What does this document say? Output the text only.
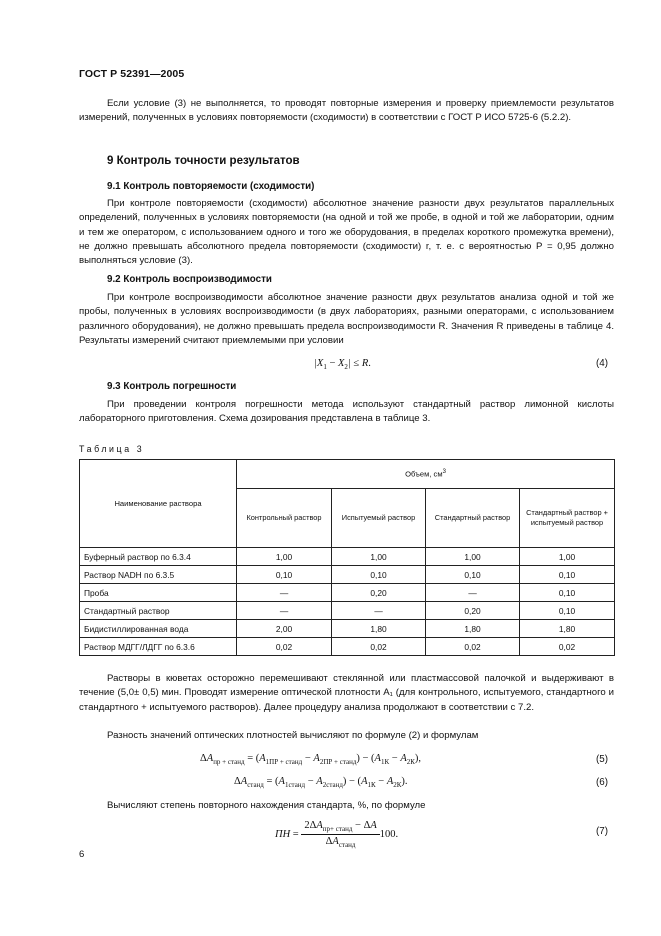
ГОСТ Р 52391—2005

Если условие (3) не выполняется, то проводят повторные измерения и проверку приемлемости результатов измерений, полученных в условиях повторяемости (сходимости) в соответствии с ГОСТ Р ИСО 5725-6 (5.2.2).

9 Контроль точности результатов
9.1 Контроль повторяемости (сходимости)

При контроле повторяемости (сходимости) абсолютное значение разности двух результатов параллельных определений, полученных в условиях повторяемости (на одной и той же пробе, в одной и той же лаборатории, одним и тем же оператором, с использованием одного и того же оборудования, в пределах короткого промежутка времени), не должно превышать абсолютного предела повторяемости (сходимости) r, т. е. с вероятностью P = 0,95 должно выполняться условие (3).

9.2 Контроль воспроизводимости

При контроле воспроизводимости абсолютное значение разности двух результатов анализа одной и той же пробы, полученных в условиях воспроизводимости (в двух лабораториях, разными операторами, с использованием различного оборудования), не должно превышать предела воспроизводимости R. Значения R приведены в таблице 4. Результаты измерений считают приемлемыми при условии

$|X_1 - X_2| \le R$.	(4)
9.3 Контроль погрешности

При проведении контроля погрешности метода используют стандартный раствор лимонной кислоты лабораторного приготовления. Схема дозирования представлена в таблице 3.

Таблица 3
Наименование раствора	Объем, $см^3$
	Контрольный раствор	Испытуемый раствор	Стандартный раствор	Стандартный раствор + испытуемый раствор
Буферный раствор по 6.3.4	1,00	1,00	1,00	1,00
Раствор NADH по 6.3.5	0,10	0,10	0,10	0,10
Проба	—	0,20	—	0,10
Стандартный раствор	—	—	0,20	0,10
Бидистиллированная вода	2,00	1,80	1,80	1,80
Раствор МДГГ/ЛДГГ по 6.3.6	0,02	0,02	0,02	0,02

Растворы в кюветах осторожно перемешивают стеклянной или пластмассовой палочкой и выдерживают в течение (5,0± 0,5) мин. Проводят измерение оптической плотности A₁ (для контрольного, испытуемого, стандартного и стандартного + испытуемого растворов). Далее процедуру анализа продолжают в соответствии с 7.2.

Разность значений оптических плотностей вычисляют по формуле (2) и формулам

$\Delta A_{пр + станд} = (A_{1ПР + станд} - A_{2ПР + станд}) - (A_{1К} - A_{2К})$,	(5)
$\Delta A_{станд} = (A_{1станд} - A_{2станд}) - (A_{1К} - A_{2К})$.	(6)

Вычисляют степень повторного нахождения стандарта, %, по формуле

ПН = $\frac{2\Delta A_{пр+ станд} - \Delta A}{\Delta A_{станд}} 100$.	(7)
6
